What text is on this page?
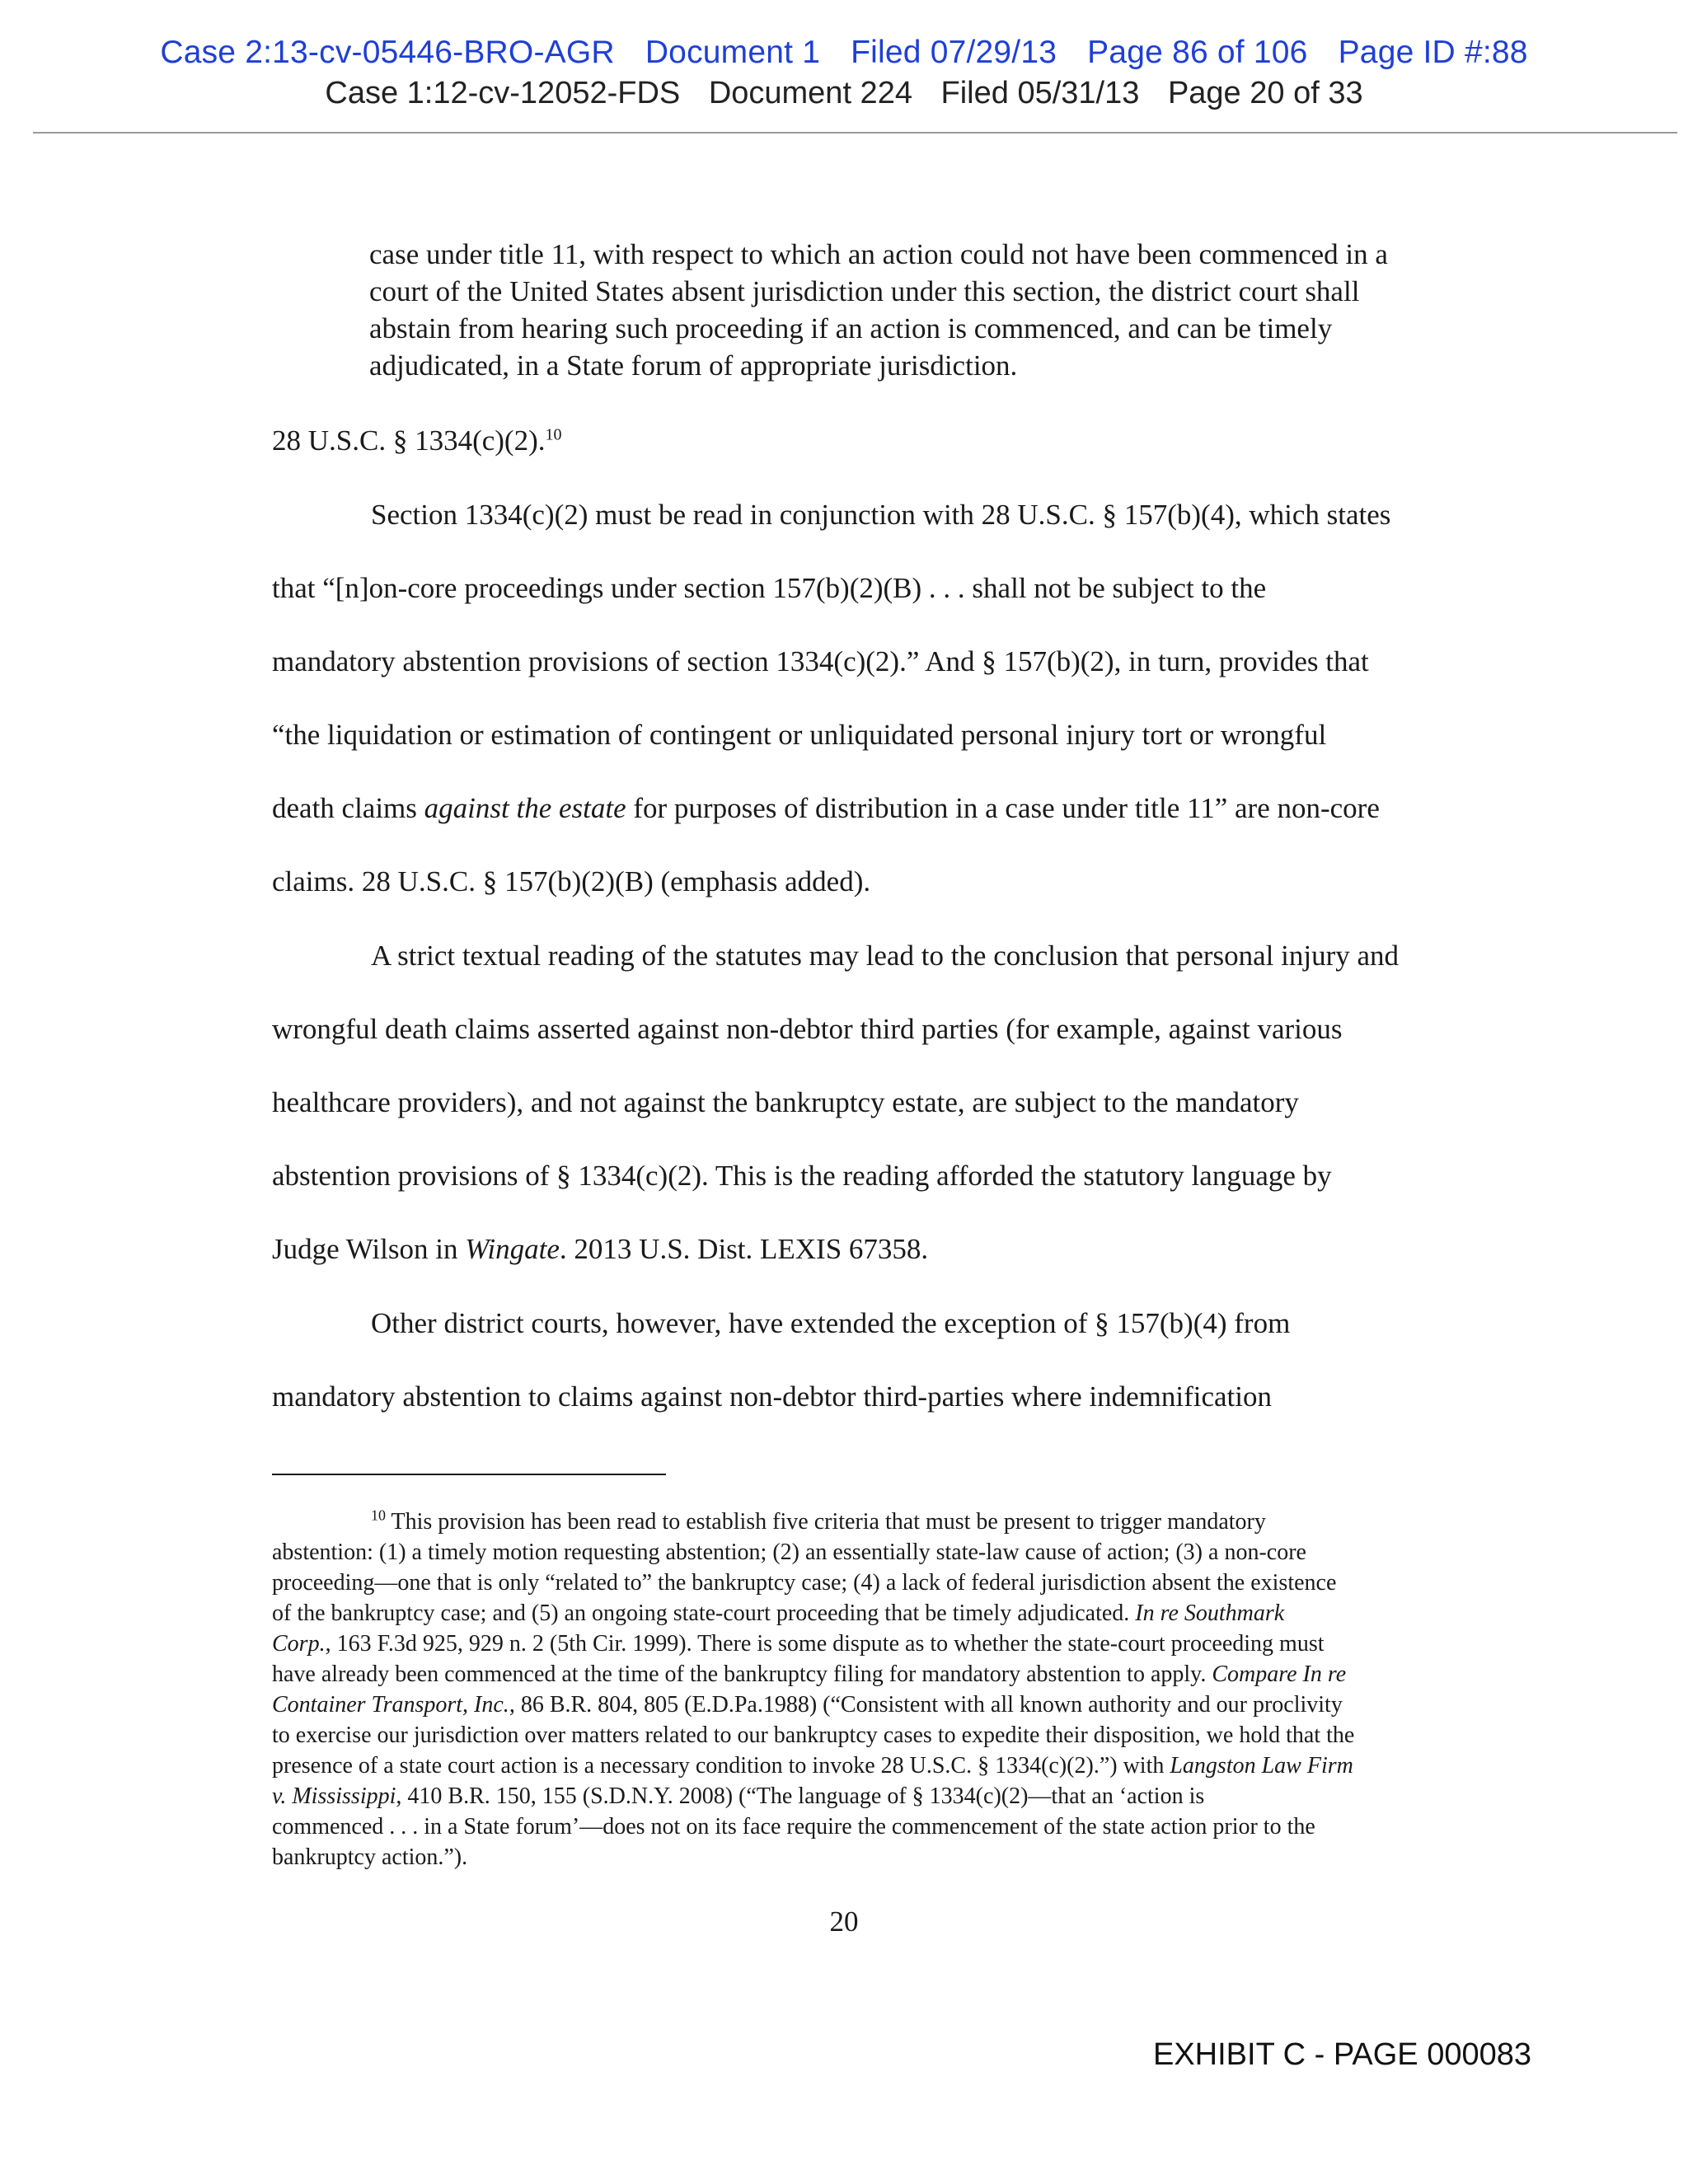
Case 2:13-cv-05446-BRO-AGR Document 1 Filed 07/29/13 Page 86 of 106 Page ID #:88
Case 1:12-cv-12052-FDS Document 224 Filed 05/31/13 Page 20 of 33
case under title 11, with respect to which an action could not have been commenced in a
court of the United States absent jurisdiction under this section, the district court shall
abstain from hearing such proceeding if an action is commenced, and can be timely
adjudicated, in a State forum of appropriate jurisdiction.
28 U.S.C. § 1334(c)(2).$^{10}$
Section 1334(c)(2) must be read in conjunction with 28 U.S.C. § 157(b)(4), which states
that “[n]on-core proceedings under section 157(b)(2)(B) . . . shall not be subject to the
mandatory abstention provisions of section 1334(c)(2).” And § 157(b)(2), in turn, provides that
“the liquidation or estimation of contingent or unliquidated personal injury tort or wrongful
death claims against the estate for purposes of distribution in a case under title 11” are non-core
claims. 28 U.S.C. § 157(b)(2)(B) (emphasis added).
A strict textual reading of the statutes may lead to the conclusion that personal injury and
wrongful death claims asserted against non-debtor third parties (for example, against various
healthcare providers), and not against the bankruptcy estate, are subject to the mandatory
abstention provisions of § 1334(c)(2). This is the reading afforded the statutory language by
Judge Wilson in Wingate. 2013 U.S. Dist. LEXIS 67358.
Other district courts, however, have extended the exception of § 157(b)(4) from
mandatory abstention to claims against non-debtor third-parties where indemnification
$^{10}$ This provision has been read to establish five criteria that must be present to trigger mandatory
abstention: (1) a timely motion requesting abstention; (2) an essentially state-law cause of action; (3) a non-core
proceeding—one that is only “related to” the bankruptcy case; (4) a lack of federal jurisdiction absent the existence
of the bankruptcy case; and (5) an ongoing state-court proceeding that be timely adjudicated. In re Southmark
Corp., 163 F.3d 925, 929 n. 2 (5th Cir. 1999). There is some dispute as to whether the state-court proceeding must
have already been commenced at the time of the bankruptcy filing for mandatory abstention to apply. Compare In re
Container Transport, Inc., 86 B.R. 804, 805 (E.D.Pa.1988) (“Consistent with all known authority and our proclivity
to exercise our jurisdiction over matters related to our bankruptcy cases to expedite their disposition, we hold that the
presence of a state court action is a necessary condition to invoke 28 U.S.C. § 1334(c)(2).”) with Langston Law Firm
v. Mississippi, 410 B.R. 150, 155 (S.D.N.Y. 2008) (“The language of § 1334(c)(2)—that an ‘action is
commenced . . . in a State forum’—does not on its face require the commencement of the state action prior to the
bankruptcy action.”).
20
EXHIBIT C - PAGE 000083
